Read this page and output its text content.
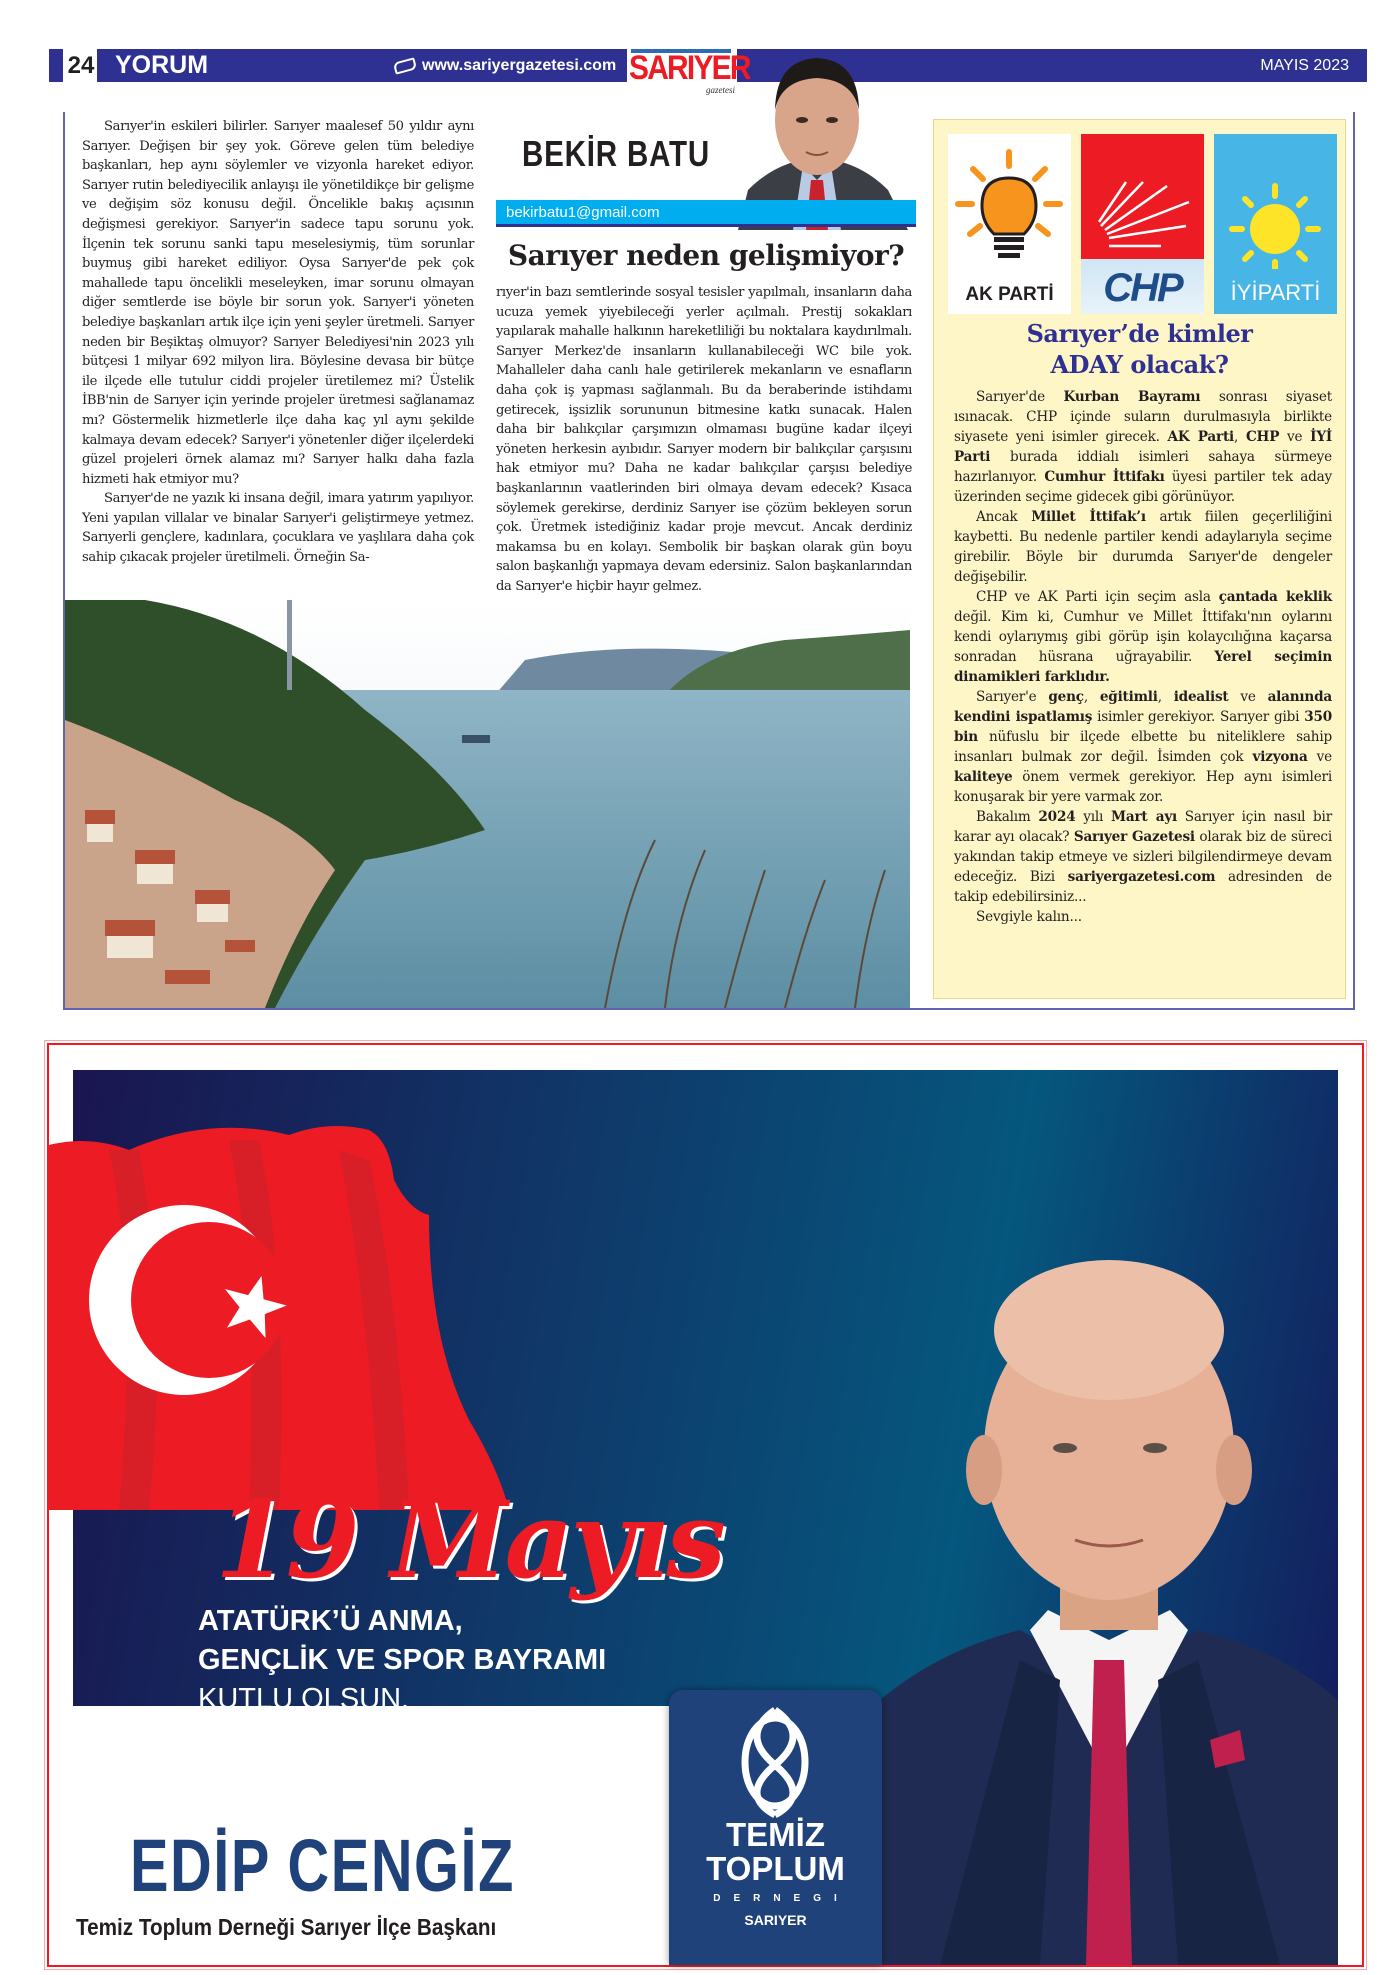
24 YORUM	www.sariyergazetesi.com SARIYER
gazetesi
MAYIS 2023
BEKİR BATU
bekirbatu1@gmail.com
Sarıyer neden gelişmiyor?

Sarıyer'in eskileri bilirler. Sarıyer maalesef 50 yıldır aynı Sarıyer. Değişen bir şey yok. Göreve gelen tüm belediye başkanları, hep aynı söylemler ve vizyonla hareket ediyor. Sarıyer rutin belediyecilik anlayışı ile yönetildikçe bir gelişme ve değişim söz konusu değil. Öncelikle bakış açısının değişmesi gerekiyor. Sarıyer'in sadece tapu sorunu yok. İlçenin tek sorunu sanki tapu meselesiymiş, tüm sorunlar buymuş gibi hareket ediliyor. Oysa Sarıyer'de pek çok mahallede tapu öncelikli meseleyken, imar sorunu olmayan diğer semtlerde ise böyle bir sorun yok. Sarıyer'i yöneten belediye başkanları artık ilçe için yeni şeyler üretmeli. Sarıyer neden bir Beşiktaş olmuyor? Sarıyer Belediyesi'nin 2023 yılı bütçesi 1 milyar 692 milyon lira. Böylesine devasa bir bütçe ile ilçede elle tutulur ciddi projeler üretilemez mi? Üstelik İBB'nin de Sarıyer için yerinde projeler üretmesi sağlanamaz mı? Göstermelik hizmetlerle ilçe daha kaç yıl aynı şekilde kalmaya devam edecek? Sarıyer'i yönetenler diğer ilçelerdeki güzel projeleri örnek alamaz mı? Sarıyer halkı daha fazla hizmeti hak etmiyor mu?

Sarıyer'de ne yazık ki insana değil, imara yatırım yapılıyor. Yeni yapılan villalar ve binalar Sarıyer'i geliştirmeye yetmez. Sarıyerli gençlere, kadınlara, çocuklara ve yaşlılara daha çok sahip çıkacak projeler üretilmeli. Örneğin Sa-

rıyer'in bazı semtlerinde sosyal tesisler yapılmalı, insanların daha ucuza yemek yiyebileceği yerler açılmalı. Prestij sokakları yapılarak mahalle halkının hareketliliği bu noktalara kaydırılmalı. Sarıyer Merkez'de insanların kullanabileceği WC bile yok. Mahalleler daha canlı hale getirilerek mekanların ve esnafların daha çok iş yapması sağlanmalı. Bu da beraberinde istihdamı getirecek, işsizlik sorununun bitmesine katkı sunacak. Halen daha bir balıkçılar çarşımızın olmaması bugüne kadar ilçeyi yöneten herkesin ayıbıdır. Sarıyer modern bir balıkçılar çarşısını hak etmiyor mu? Daha ne kadar balıkçılar çarşısı belediye başkanlarının vaatlerinden biri olmaya devam edecek? Kısaca söylemek gerekirse, derdiniz Sarıyer ise çözüm bekleyen sorun çok. Üretmek istediğiniz kadar proje mevcut. Ancak derdiniz makamsa bu en kolayı. Sembolik bir başkan olarak gün boyu salon başkanlığı yapmaya devam edersiniz. Salon başkanlarından da Sarıyer'e hiçbir hayır gelmez.

AK PARTİ	CHP	İYİPARTİ
Sarıyer’de kimler
ADAY olacak?

Sarıyer'de Kurban Bayramı sonrası siyaset ısınacak. CHP içinde suların durulmasıyla birlikte siyasete yeni isimler girecek. AK Parti, CHP ve İYİ Parti burada iddialı isimleri sahaya sürmeye hazırlanıyor. Cumhur İttifakı üyesi partiler tek aday üzerinden seçime gidecek gibi görünüyor.

Ancak Millet İttifak’ı artık fiilen geçerliliğini kaybetti. Bu nedenle partiler kendi adaylarıyla seçime girebilir. Böyle bir durumda Sarıyer'de dengeler değişebilir.

CHP ve AK Parti için seçim asla çantada keklik değil. Kim ki, Cumhur ve Millet İttifakı'nın oylarını kendi oylarıymış gibi görüp işin kolaycılığına kaçarsa sonradan hüsrana uğrayabilir. Yerel seçimin dinamikleri farklıdır.

Sarıyer'e genç, eğitimli, idealist ve alanında kendini ispatlamış isimler gerekiyor. Sarıyer gibi 350 bin nüfuslu bir ilçede elbette bu niteliklere sahip insanları bulmak zor değil. İsimden çok vizyona ve kaliteye önem vermek gerekiyor. Hep aynı isimleri konuşarak bir yere varmak zor.

Bakalım 2024 yılı Mart ayı Sarıyer için nasıl bir karar ayı olacak? Sarıyer Gazetesi olarak biz de süreci yakından takip etmeye ve sizleri bilgilendirmeye devam edeceğiz. Bizi sariyergazetesi.com adresinden de takip edebilirsiniz...

Sevgiyle kalın...

19 Mayıs
ATATÜRK’Ü ANMA,
GENÇLİK VE SPOR BAYRAMI
KUTLU OLSUN.
TEMİZ
TOPLUM
DERNEGI
SARIYER
EDİP CENGİZ
Temiz Toplum Derneği Sarıyer İlçe Başkanı
